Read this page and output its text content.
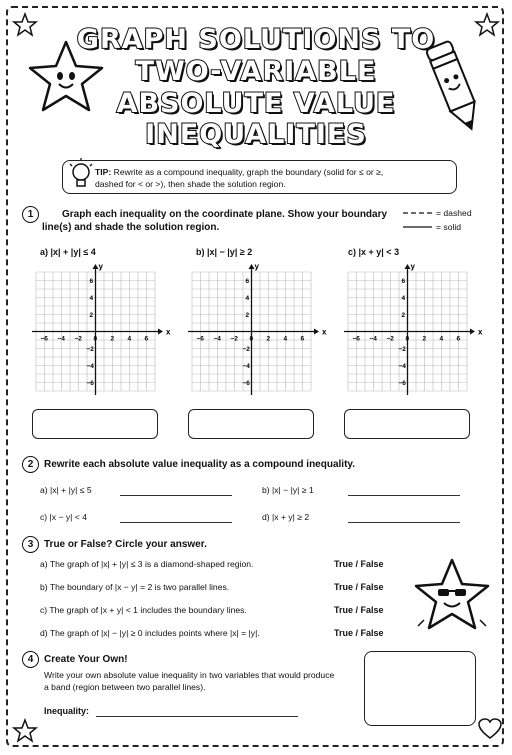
GRAPH SOLUTIONS TO
TWO-VARIABLE
ABSOLUTE VALUE
INEQUALITIES
TIP: Rewrite as a compound inequality, graph the boundary (solid for ≤ or ≥,
dashed for < or >), then shade the solution region.
1	Graph each inequality on the coordinate plane. Show your boundary
line(s) and shade the solution region.
= dashed
= solid
a) |x| + |y| ≤ 4	b) |x| − |y| ≥ 2	c) |x + y| < 3
x
y
−6 −4 −2 0 2 4 6
6
4
2
−2
−4
−6
x
y
−6 −4 −2 0 2 4 6
6
4
2
−2
−4
−6
x
y
−6 −4 −2 0 2 4 6
6
4
2
−2
−4
−6
2	Rewrite each absolute value inequality as a compound inequality.
a) |x| + |y| ≤ 5	b) |x| − |y| ≥ 1
c) |x − y| < 4	d) |x + y| ≥ 2
3	True or False? Circle your answer.
a) The graph of |x| + |y| ≤ 3 is a diamond-shaped region.	True / False
b) The boundary of |x − y| = 2 is two parallel lines.	True / False
c) The graph of |x + y| < 1 includes the boundary lines.	True / False
d) The graph of |x| − |y| ≥ 0 includes points where |x| = |y|.	True / False
4	Create Your Own!
Write your own absolute value inequality in two variables that would produce
a band (region between two parallel lines).
Inequality:
